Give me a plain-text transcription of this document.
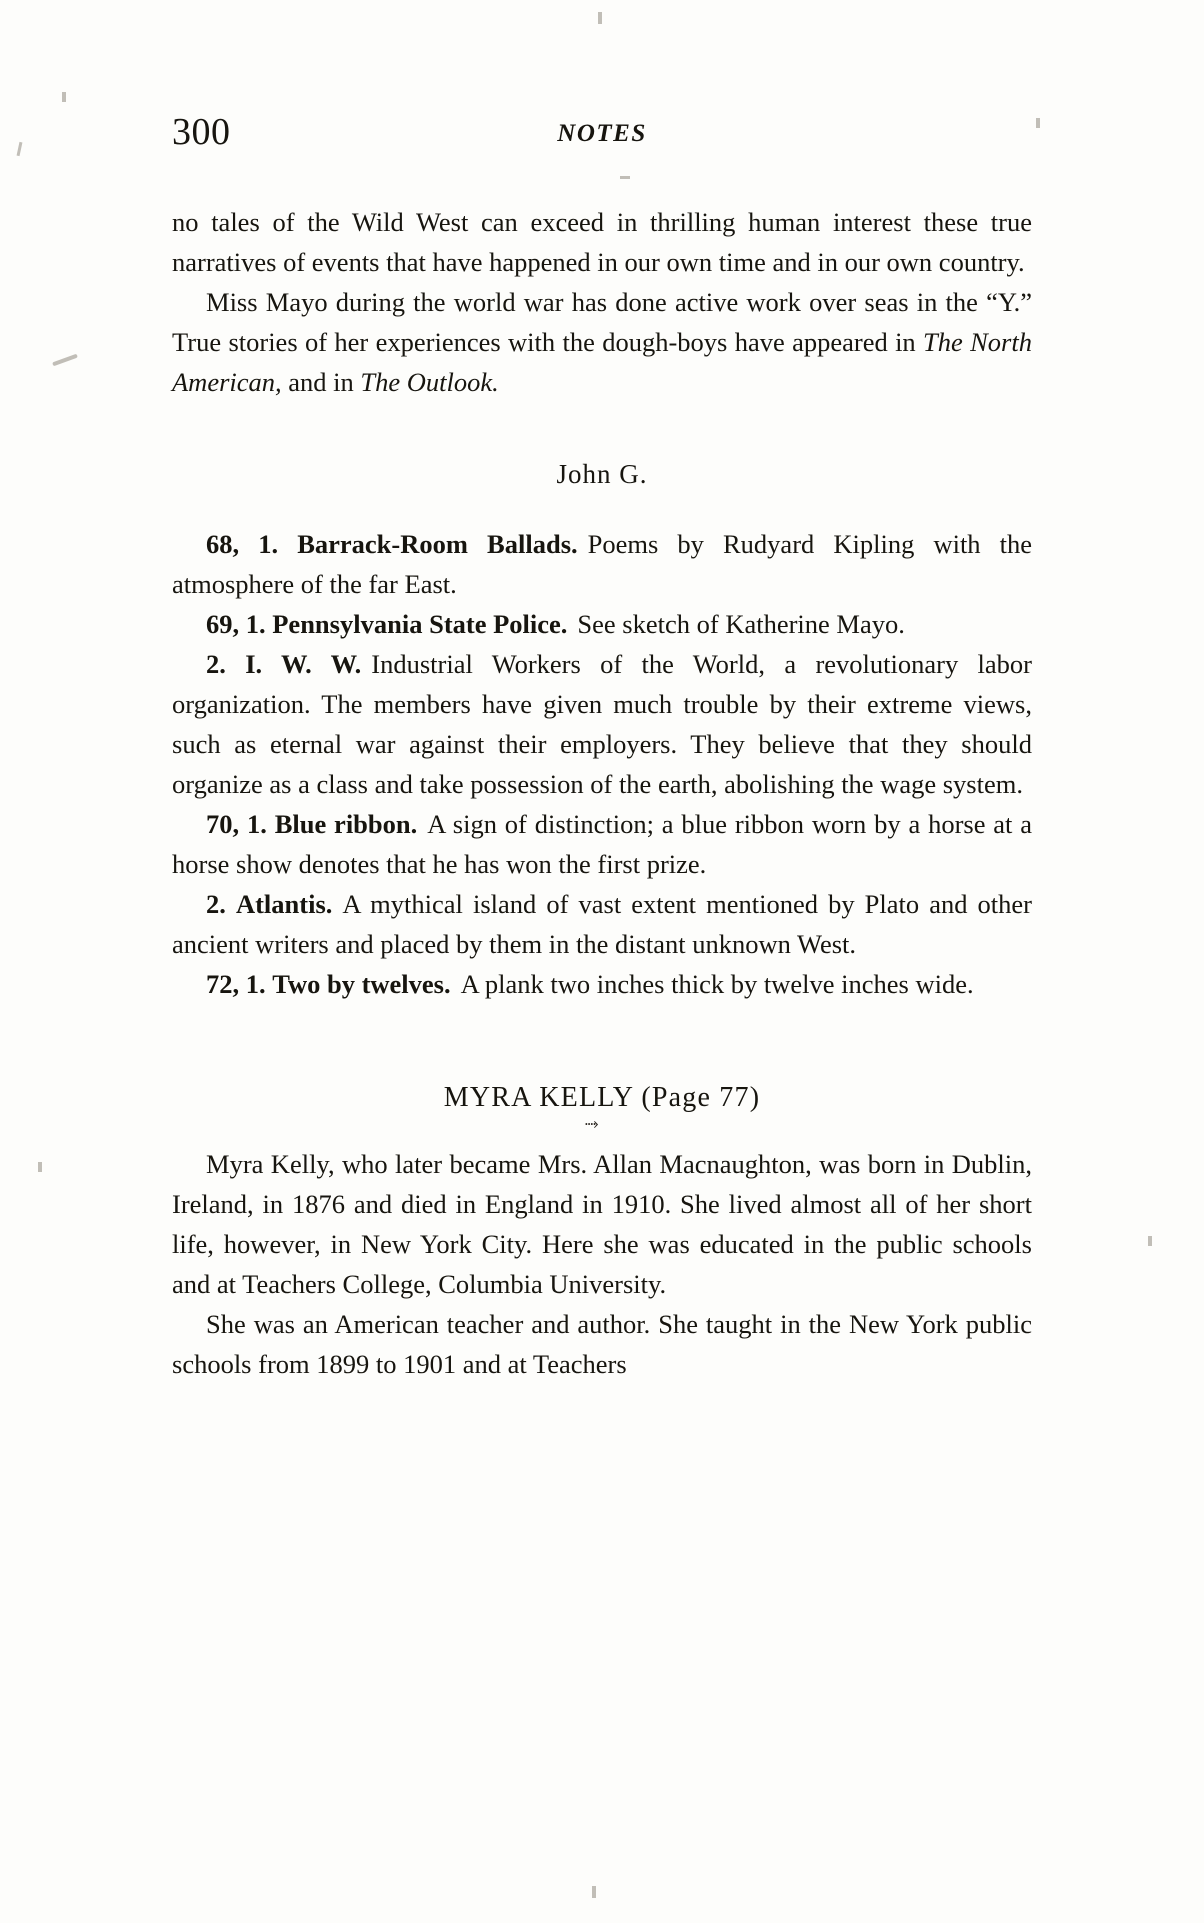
300	NOTES

no tales of the Wild West can exceed in thrilling human interest these true narratives of events that have happened in our own time and in our own country.

Miss Mayo during the world war has done active work over seas in the “Y.” True stories of her experiences with the dough-boys have appeared in The North American, and in The Outlook.

John G.

68, 1. Barrack-Room Ballads. Poems by Rudyard Kipling with the atmosphere of the far East.

69, 1. Pennsylvania State Police. See sketch of Katherine Mayo.

2. I. W. W. Industrial Workers of the World, a revolutionary labor organization. The members have given much trouble by their extreme views, such as eternal war against their employers. They believe that they should organize as a class and take possession of the earth, abolishing the wage system.

70, 1. Blue ribbon. A sign of distinction; a blue ribbon worn by a horse at a horse show denotes that he has won the first prize.

2. Atlantis. A mythical island of vast extent mentioned by Plato and other ancient writers and placed by them in the distant unknown West.

72, 1. Two by twelves. A plank two inches thick by twelve inches wide.

MYRA KELLY (Page 77)
⤑

Myra Kelly, who later became Mrs. Allan Macnaughton, was born in Dublin, Ireland, in 1876 and died in England in 1910. She lived almost all of her short life, however, in New York City. Here she was educated in the public schools and at Teachers College, Columbia University.

She was an American teacher and author. She taught in the New York public schools from 1899 to 1901 and at Teachers
